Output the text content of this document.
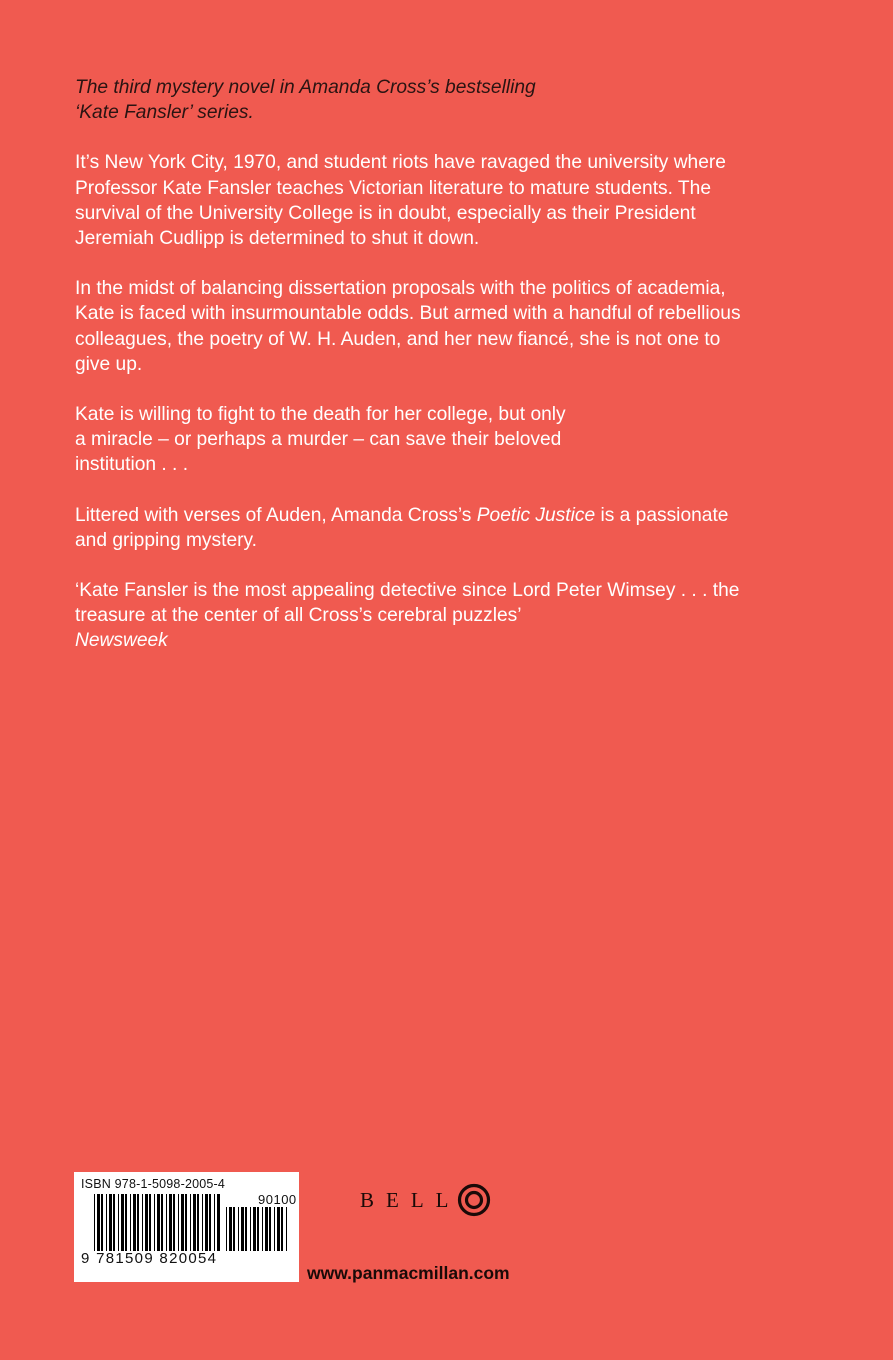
The third mystery novel in Amanda Cross’s bestselling
‘Kate Fansler’ series.

It’s New York City, 1970, and student riots have ravaged the university where Professor Kate Fansler teaches Victorian literature to mature students. The survival of the University College is in doubt, especially as their President Jeremiah Cudlipp is determined to shut it down.

In the midst of balancing dissertation proposals with the politics of academia, Kate is faced with insurmountable odds. But armed with a handful of rebellious colleagues, the poetry of W. H. Auden, and her new fiancé, she is not one to give up.

Kate is willing to fight to the death for her college, but only
a miracle – or perhaps a murder – can save their beloved
institution . . .

Littered with verses of Auden, Amanda Cross’s Poetic Justice is a passionate and gripping mystery.

‘Kate Fansler is the most appealing detective since Lord Peter Wimsey . . . the treasure at the center of all Cross’s cerebral puzzles’
Newsweek

ISBN 978-1-5098-2005-4
90100
9 781509 820054
BELL
www.panmacmillan.com
